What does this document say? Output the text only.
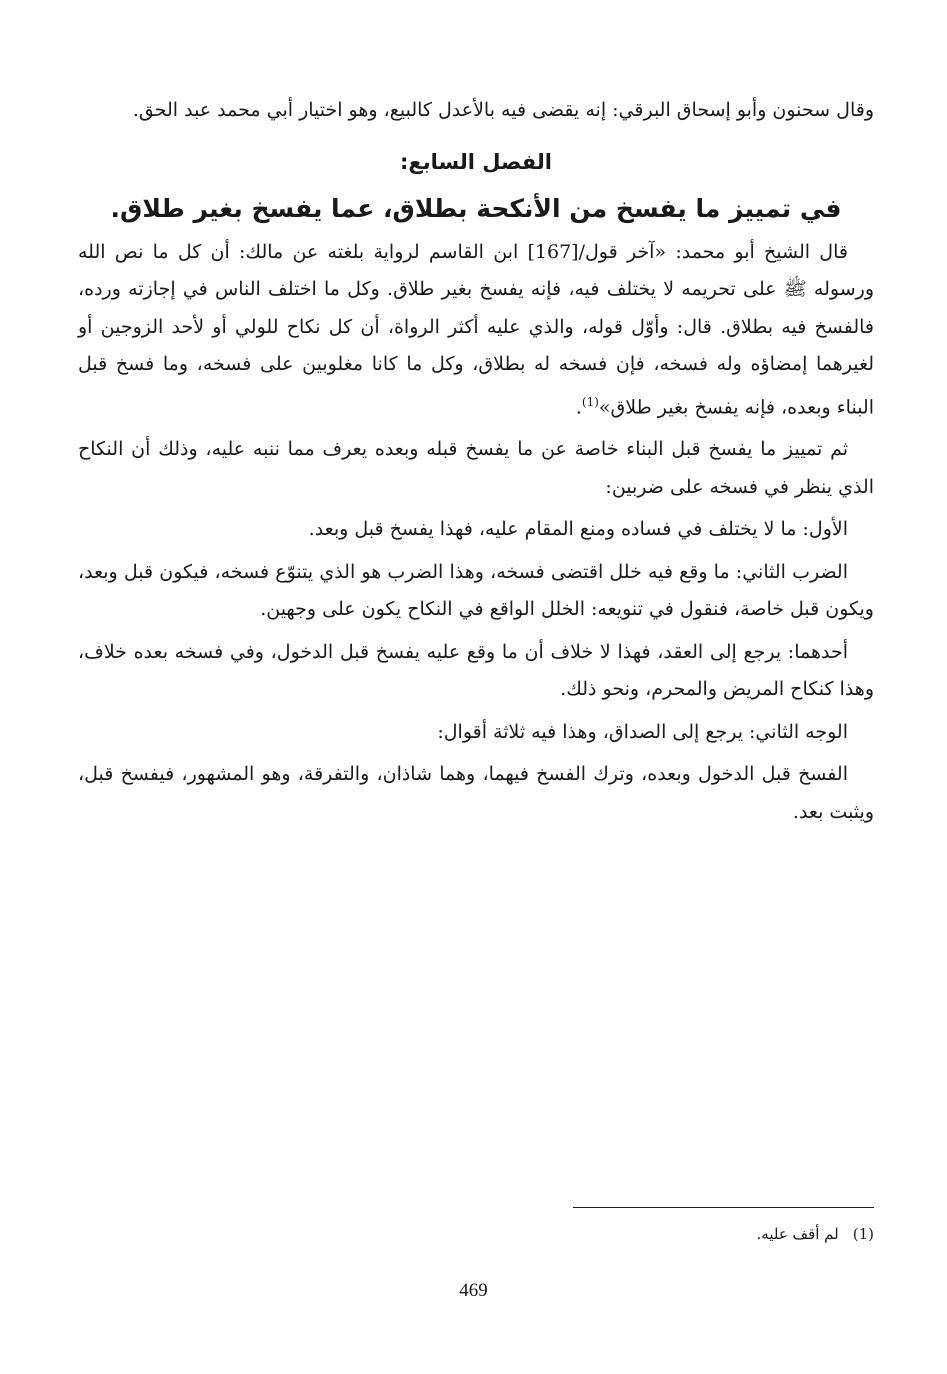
وقال سحنون وأبو إسحاق البرقي: إنه يقضى فيه بالأعدل كالبيع، وهو اختيار أبي محمد عبد الحق.

الفصل السابع:
في تمييز ما يفسخ من الأنكحة بطلاق، عما يفسخ بغير طلاق.

قال الشيخ أبو محمد: «آخر قول/[167] ابن القاسم لرواية بلغته عن مالك: أن كل ما نص الله ورسوله ﷺ على تحريمه لا يختلف فيه، فإنه يفسخ بغير طلاق. وكل ما اختلف الناس في إجازته ورده، فالفسخ فيه بطلاق. قال: وأوّل قوله، والذي عليه أكثر الرواة، أن كل نكاح للولي أو لأحد الزوجين أو لغيرهما إمضاؤه وله فسخه، فإن فسخه له بطلاق، وكل ما كانا مغلوبين على فسخه، وما فسخ قبل البناء وبعده، فإنه يفسخ بغير طلاق»$^{(1)}$.

ثم تمييز ما يفسخ قبل البناء خاصة عن ما يفسخ قبله وبعده يعرف مما ننبه عليه، وذلك أن النكاح الذي ينظر في فسخه على ضربين:

الأول: ما لا يختلف في فساده ومنع المقام عليه، فهذا يفسخ قبل وبعد.

الضرب الثاني: ما وقع فيه خلل اقتضى فسخه، وهذا الضرب هو الذي يتنوّع فسخه، فيكون قبل وبعد، ويكون قبل خاصة، فنقول في تنويعه: الخلل الواقع في النكاح يكون على وجهين.

أحدهما: يرجع إلى العقد، فهذا لا خلاف أن ما وقع عليه يفسخ قبل الدخول، وفي فسخه بعده خلاف، وهذا كنكاح المريض والمحرم، ونحو ذلك.

الوجه الثاني: يرجع إلى الصداق، وهذا فيه ثلاثة أقوال:

الفسخ قبل الدخول وبعده، وترك الفسخ فيهما، وهما شاذان، والتفرقة، وهو المشهور، فيفسخ قبل، ويثبت بعد.

(1)لم أقف عليه.
469
